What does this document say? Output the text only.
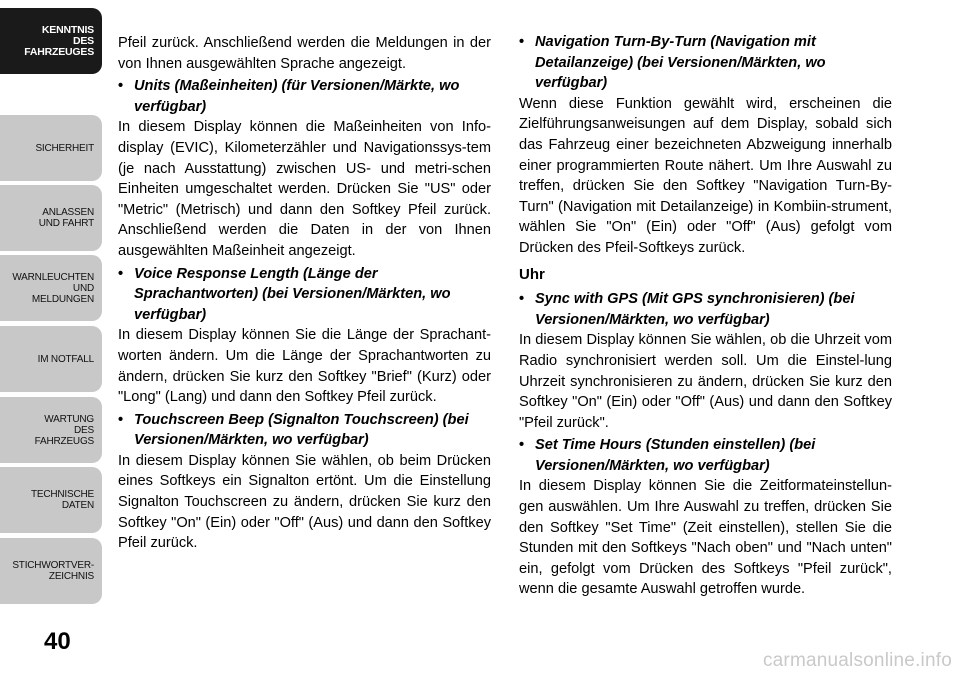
KENNTNIS
DES
FAHRZEUGES
SICHERHEIT
ANLASSEN
UND FAHRT
WARNLEUCHTEN
UND
MELDUNGEN
IM NOTFALL
WARTUNG
DES
FAHRZEUGS
TECHNISCHE
DATEN
STICHWORTVER-
ZEICHNIS
40

Pfeil zurück. Anschließend werden die Meldungen in der von Ihnen ausgewählten Sprache angezeigt.

• Units (Maßeinheiten) (für Versionen/Märkte, wo verfügbar)

In diesem Display können die Maßeinheiten von Info-display (EVIC), Kilometerzähler und Navigationssys-tem (je nach Ausstattung) zwischen US- und metri-schen Einheiten umgeschaltet werden. Drücken Sie "US" oder "Metric" (Metrisch) und dann den Softkey Pfeil zurück. Anschließend werden die Daten in der von Ihnen ausgewählten Maßeinheit angezeigt.

• Voice Response Length (Länge der Sprachantworten) (bei Versionen/Märkten, wo verfügbar)

In diesem Display können Sie die Länge der Sprachant-worten ändern. Um die Länge der Sprachantworten zu ändern, drücken Sie kurz den Softkey "Brief" (Kurz) oder "Long" (Lang) und dann den Softkey Pfeil zurück.

• Touchscreen Beep (Signalton Touchscreen) (bei Versionen/Märkten, wo verfügbar)

In diesem Display können Sie wählen, ob beim Drücken eines Softkeys ein Signalton ertönt. Um die Einstellung Signalton Touchscreen zu ändern, drücken Sie kurz den Softkey "On" (Ein) oder "Off" (Aus) und dann den Softkey Pfeil zurück.

• Navigation Turn-By-Turn (Navigation mit Detailanzeige) (bei Versionen/Märkten, wo verfügbar)

Wenn diese Funktion gewählt wird, erscheinen die Zielführungsanweisungen auf dem Display, sobald sich das Fahrzeug einer bezeichneten Abzweigung innerhalb einer programmierten Route nähert. Um Ihre Auswahl zu treffen, drücken Sie den Softkey "Navigation Turn-By-Turn" (Navigation mit Detailanzeige) in Kombiin-strument, wählen Sie "On" (Ein) oder "Off" (Aus) gefolgt vom Drücken des Pfeil-Softkeys zurück.

Uhr

• Sync with GPS (Mit GPS synchronisieren) (bei Versionen/Märkten, wo verfügbar)

In diesem Display können Sie wählen, ob die Uhrzeit vom Radio synchronisiert werden soll. Um die Einstel-lung Uhrzeit synchronisieren zu ändern, drücken Sie kurz den Softkey "On" (Ein) oder "Off" (Aus) und dann den Softkey "Pfeil zurück".

• Set Time Hours (Stunden einstellen) (bei Versionen/Märkten, wo verfügbar)

In diesem Display können Sie die Zeitformateinstellun-gen auswählen. Um Ihre Auswahl zu treffen, drücken Sie den Softkey "Set Time" (Zeit einstellen), stellen Sie die Stunden mit den Softkeys "Nach oben" und "Nach unten" ein, gefolgt vom Drücken des Softkeys "Pfeil zurück", wenn die gesamte Auswahl getroffen wurde.

carmanualsonline.info
